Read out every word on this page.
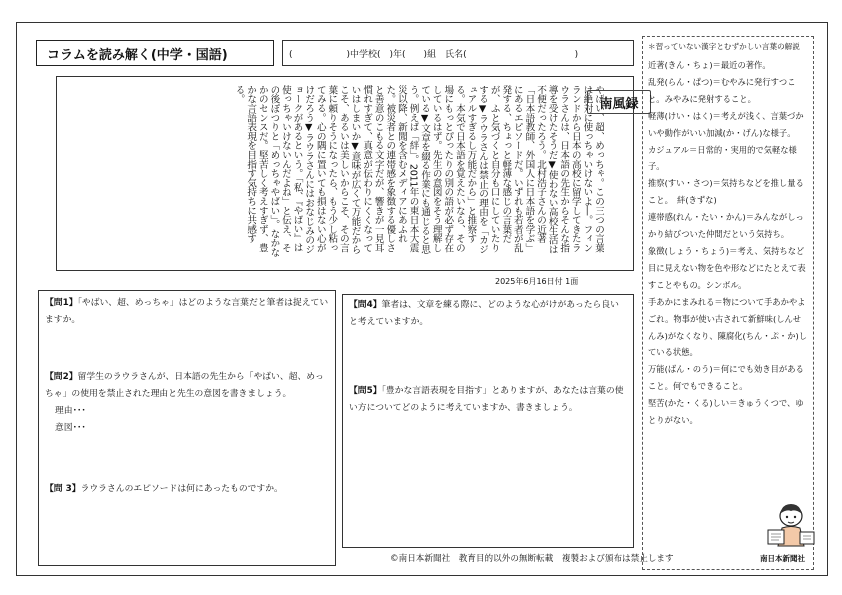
コラムを読み解く(中学・国語)	(　　　　　　)中学校(　)年(　　)組　氏名(　　　　　　　　　　　　)
やばい、超、めっちゃ。この三つの言葉は絶対に使っちゃいけないよ―。フィンランドから日本の高校に留学してきたラウラさんは、日本語の先生からそんな指導を受けたそうだ▼使わない高校生活は不便だったろう。北村浩子さんの近著「日本語教師、外国人に日本語を学ぶ」にあるエピソードだ。いずれも若者が乱発する、ちょっと軽薄な感じの言葉だが、ふと気づくと自分も口にしていたりする▼ラウラさんは禁止の理由を「カジュアルすぎるし万能だから」と推察する。本気で日本語を覚えたいなら、その場にもっとぴったりの別の語が必ず存在しているはず。先生の意図をそう理解している▼文章を綴る作業にも通じると思う。例えば「絆」。2011年の東日本大震災以降、新聞を含むメディアにあふれた。被災者との連帯感を象徴する優しさと善意のこもる文字だが、響きが一見耳慣れすぎて、真意が伝わりにくくなっていはしまいか▼意味が広くて万能だからこそ、あるいは美しいからこそ、その言葉に頼りそうになったら、もう少し粘ってみる。心の隅に置いても損はない心がけだろう▼ラウラさんにはおなじみのジョークがあるという。「私、『やばい』は使っちゃいけないんだよね」と伝え、その後ぽつりと「めっちゃやばい」。なかなかのセンスだ。堅苦しく考えすぎず、豊かな言語表現を目指す気持ちに共感する。
南風録
2025年6月16日付 1面
【問1】「やばい、超、めっちゃ」はどのような言葉だと筆者は捉えていますか。
【問2】留学生のラウラさんが、日本語の先生から「やばい、超、めっちゃ」の使用を禁止された理由と先生の意図を書きましょう。

理由･･･

意図･･･

【問 3】ラウラさんのエピソードは何にあったものですか。
【問4】筆者は、文章を練る際に、どのような心がけがあったら良いと考えていますか。
【問5】「豊かな言語表現を目指す」とありますが、あなたは言葉の使い方についてどのように考えていますか、書きましょう。

＊習っていない漢字とむずかしい言葉の解説

近著(きん・ちょ)＝最近の著作。

乱発(らん・ぱつ)＝むやみに発行すつこと。みやみに発射すること。

軽薄(けい・はく)＝考えが浅く、言葉づかいや動作がいい加減(か・げん)な様子。

カジュアル＝日常的・実用的で気軽な様子。

推察(すい・さつ)＝気持ちなどを推し量ること。　絆(きずな)

連帯感(れん・たい・かん)＝みんながしっかり結びついた仲間だという気持ち。

象徴(しょう・ちょう)＝考え、気持ちなど目に見えない物を色や形などにたとえて表すことやもの。シンボル。

手あかにまみれる＝物について手あかやよごれ。物事が使い古されて新鮮味(しんせんみ)がなくなり、陳腐化(ちん・ぷ・か)している状態。

万能(ばん・のう)＝何にでも効き目があること。何でもできること。

堅苦(かた・くる)しい＝きゅうくつで、ゆとりがない。

©南日本新聞社　教育目的以外の無断転載　複製および頒布は禁止します	南日本新聞社
